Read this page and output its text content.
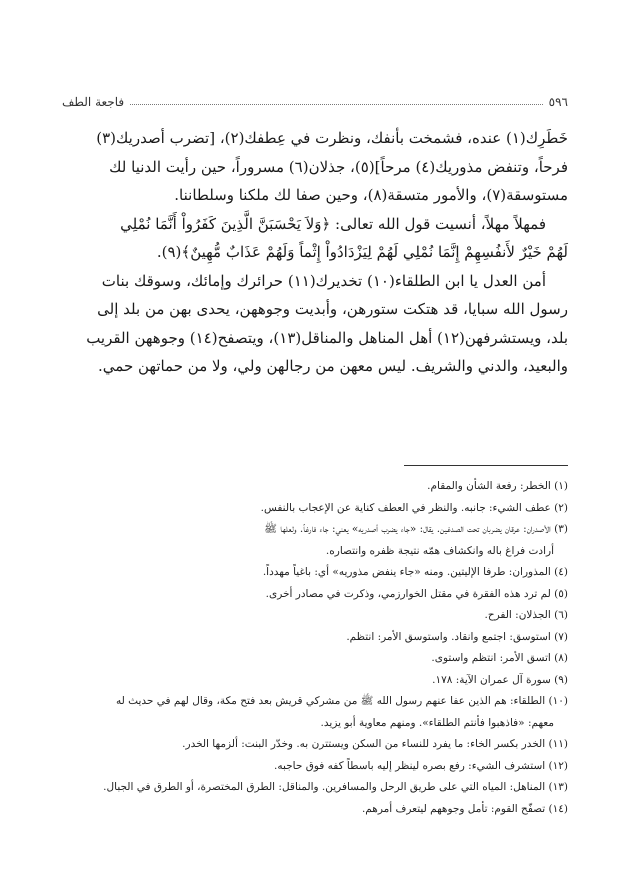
٥٩٦
فاجعة الطف

خَطَرِك(١) عنده، فشمخت بأنفك، ونظرت في عِطفك(٢)، [تضرب أصدريك(٣)

فرحاً، وتنفض مذوريك(٤) مرحاً](٥)، جذلان(٦) مسروراً، حين رأيت الدنيا لك

مستوسقة(٧)، والأمور متسقة(٨)، وحين صفا لك ملكنا وسلطاننا.

فمهلاً مهلاً، أنسيت قول الله تعالى: ﴿وَلاَ يَحْسَبَنَّ الَّذِينَ كَفَرُواْ أَنَّمَا نُمْلِي

لَهُمْ خَيْرٌ لأَنفُسِهِمْ إِنَّمَا نُمْلِي لَهُمْ لِيَزْدَادُواْ إِثْماً وَلَهُمْ عَذَابٌ مُّهِينٌ﴾(٩).

أمن العدل يا ابن الطلقاء(١٠) تخديرك(١١) حرائرك وإمائك، وسوقك بنات

رسول الله سبايا، قد هتكت ستورهن، وأبديت وجوههن، يحدى بهن من بلد إلى

بلد، ويستشرفهن(١٢) أهل المناهل والمناقل(١٣)، ويتصفح(١٤) وجوههن القريب

والبعيد، والدني والشريف. ليس معهن من رجالهن ولي، ولا من حماتهن حمي.

(١) الخطر: رفعة الشأن والمقام.

(٢) عطف الشيء: جانبه. والنظر في العطف كناية عن الإعجاب بالنفس.

(٣) الأصدران: عرقان يضربان تحت الصدغين. يقال: «جاء يضرب أصدريه» يعني: جاء فارغاً. ولعلها ﷺ

أرادت فراغ باله وانكشاف همّه نتيجة ظفره وانتصاره.

(٤) المذوران: طرفا الإليتين. ومنه «جاء ينفض مذوريه» أي: باغياً مهدداً.

(٥) لم ترد هذه الفقرة في مقتل الخوارزمي، وذكرت في مصادر أخرى.

(٦) الجذلان: الفرح.

(٧) استوسق: اجتمع وانقاد. واستوسق الأمر: انتظم.

(٨) اتسق الأمر: انتظم واستوى.

(٩) سورة آل عمران الآية: ١٧٨.

(١٠) الطلقاء: هم الذين عفا عنهم رسول الله ﷺ من مشركي قريش بعد فتح مكة، وقال لهم في حديث له

معهم: «فاذهبوا فأنتم الطلقاء». ومنهم معاوية أبو يزيد.

(١١) الخدر بكسر الخاء: ما يفرد للنساء من السكن ويستترن به. وخدّر البنت: ألزمها الخدر.

(١٢) استشرف الشيء: رفع بصره لينظر إليه باسطاً كفه فوق حاجبه.

(١٣) المناهل: المياه التي على طريق الرحل والمسافرين. والمناقل: الطرق المختصرة، أو الطرق في الجبال.

(١٤) تصفّح القوم: تأمل وجوههم ليتعرف أمرهم.
